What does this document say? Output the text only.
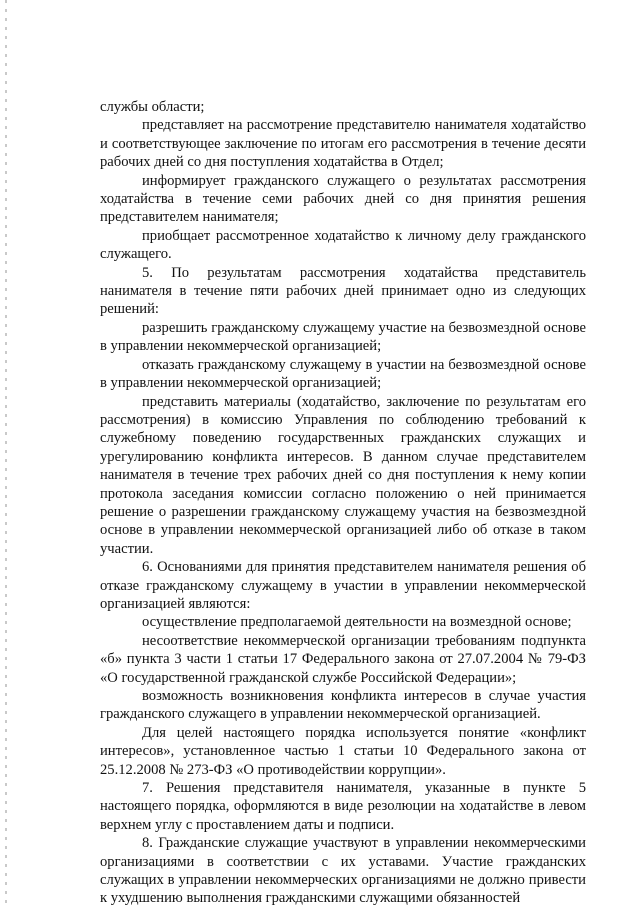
службы области;

представляет на рассмотрение представителю нанимателя ходатайство и соответствующее заключение по итогам его рассмотрения в течение десяти рабочих дней со дня поступления ходатайства в Отдел;

информирует гражданского служащего о результатах рассмотрения ходатайства в течение семи рабочих дней со дня принятия решения представителем нанимателя;

приобщает рассмотренное ходатайство к личному делу гражданского служащего.

5. По результатам рассмотрения ходатайства представитель нанимателя в течение пяти рабочих дней принимает одно из следующих решений:

разрешить гражданскому служащему участие на безвозмездной основе в управлении некоммерческой организацией;

отказать гражданскому служащему в участии на безвозмездной основе в управлении некоммерческой организацией;

представить материалы (ходатайство, заключение по результатам его рассмотрения) в комиссию Управления по соблюдению требований к служебному поведению государственных гражданских служащих и урегулированию конфликта интересов. В данном случае представителем нанимателя в течение трех рабочих дней со дня поступления к нему копии протокола заседания комиссии согласно положению о ней принимается решение о разрешении гражданскому служащему участия на безвозмездной основе в управлении некоммерческой организацией либо об отказе в таком участии.

6. Основаниями для принятия представителем нанимателя решения об отказе гражданскому служащему в участии в управлении некоммерческой организацией являются:

осуществление предполагаемой деятельности на возмездной основе;

несоответствие некоммерческой организации требованиям подпункта «б» пункта 3 части 1 статьи 17 Федерального закона от 27.07.2004 № 79-ФЗ «О государственной гражданской службе Российской Федерации»;

возможность возникновения конфликта интересов в случае участия гражданского служащего в управлении некоммерческой организацией.

Для целей настоящего порядка используется понятие «конфликт интересов», установленное частью 1 статьи 10 Федерального закона от 25.12.2008 № 273-ФЗ «О противодействии коррупции».

7. Решения представителя нанимателя, указанные в пункте 5 настоящего порядка, оформляются в виде резолюции на ходатайстве в левом верхнем углу с проставлением даты и подписи.

8. Гражданские служащие участвуют в управлении некоммерческими организациями в соответствии с их уставами. Участие гражданских служащих в управлении некоммерческих организациями не должно привести к ухудшению выполнения гражданскими служащими обязанностей
